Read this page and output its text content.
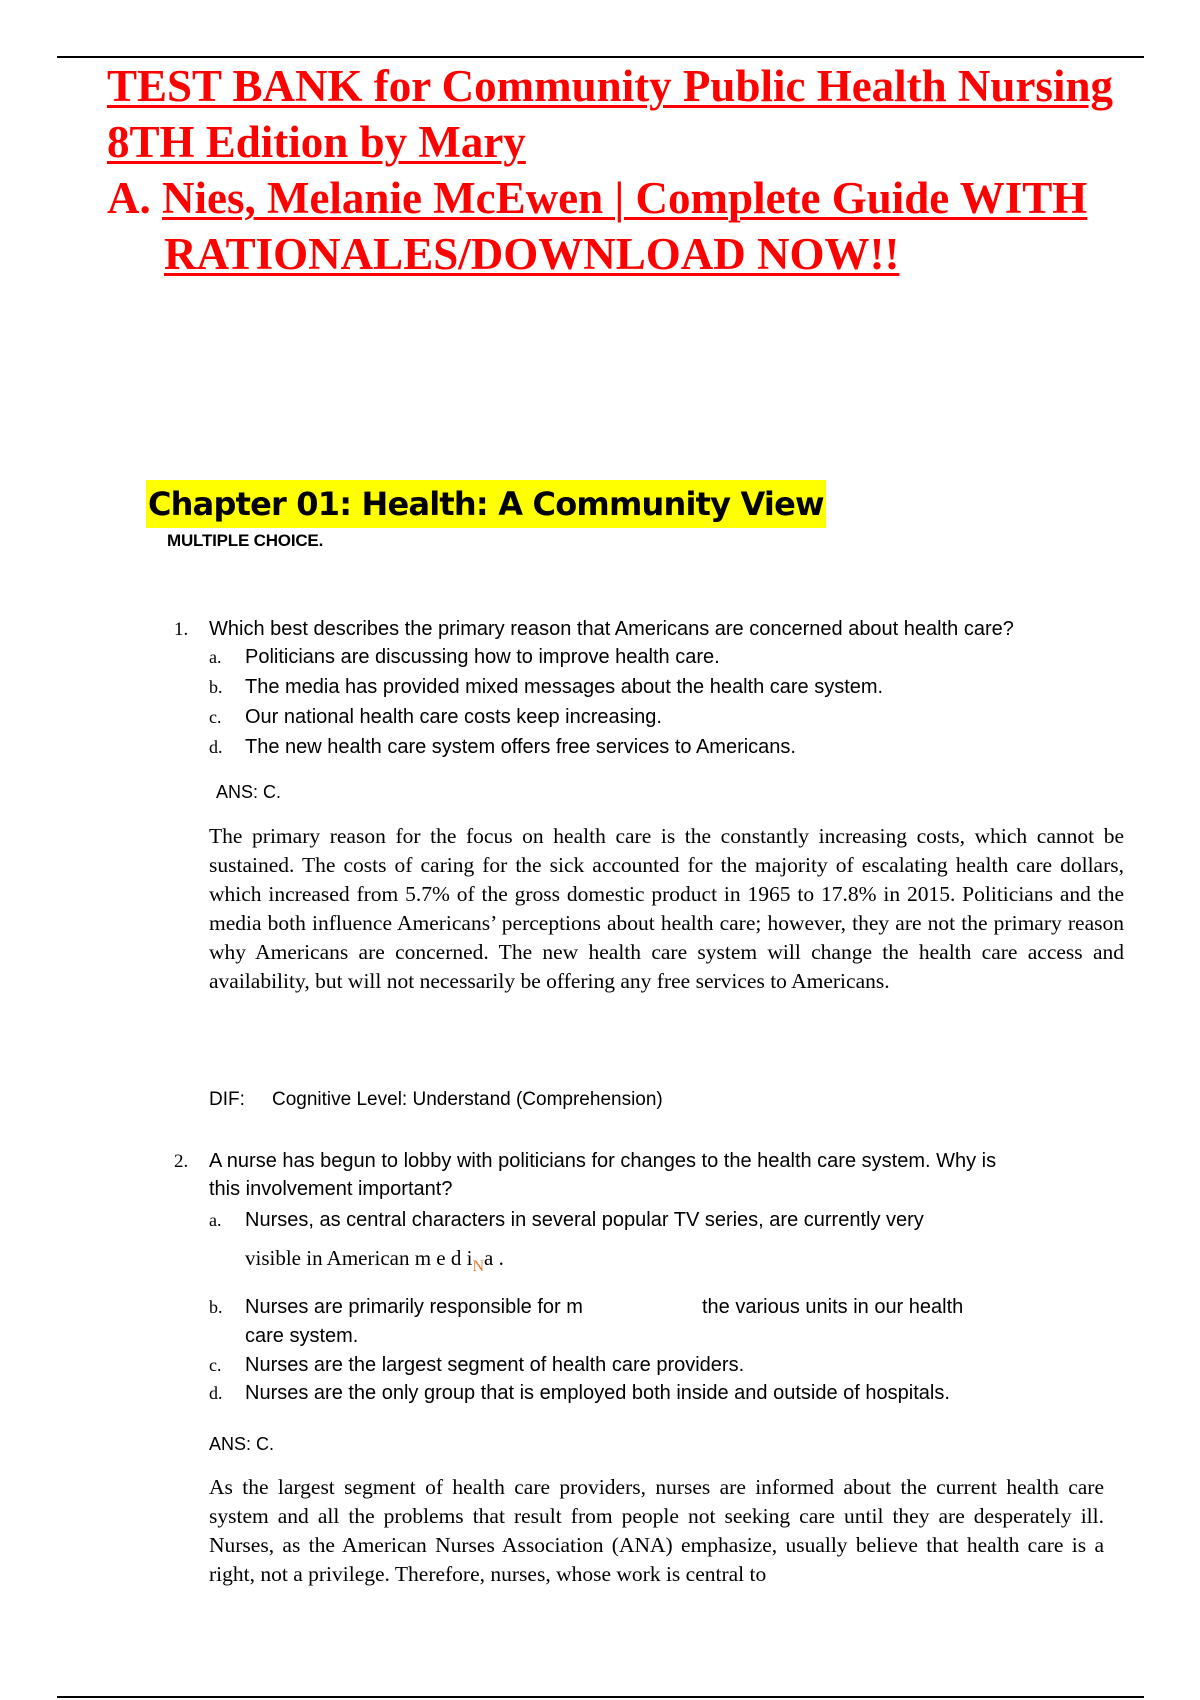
TEST BANK for Community Public Health Nursing
8TH Edition by Mary
A. Nies, Melanie McEwen | Complete Guide WITH
RATIONALES/DOWNLOAD NOW!!
Chapter 01: Health: A Community View
MULTIPLE CHOICE.
1. Which best describes the primary reason that Americans are concerned about health care?
a. Politicians are discussing how to improve health care.
b. The media has provided mixed messages about the health care system.
c. Our national health care costs keep increasing.
d. The new health care system offers free services to Americans.
ANS: C.
The primary reason for the focus on health care is the constantly increasing costs, which cannot be sustained. The costs of caring for the sick accounted for the majority of escalating health care dollars, which increased from 5.7% of the gross domestic product in 1965 to 17.8% in 2015. Politicians and the media both influence Americans’ perceptions about health care; however, they are not the primary reason why Americans are concerned. The new health care system will change the health care access and availability, but will not necessarily be offering any free services to Americans.
DIF: Cognitive Level: Understand (Comprehension)
2. A nurse has begun to lobby with politicians for changes to the health care system. Why is
this involvement important?
a. Nurses, as central characters in several popular TV series, are currently very
visible in American m e d iNa .
b. Nurses are primarily responsible for m	the various units in our health
care system.
c. Nurses are the largest segment of health care providers.
d. Nurses are the only group that is employed both inside and outside of hospitals.
ANS: C.
As the largest segment of health care providers, nurses are informed about the current health care system and all the problems that result from people not seeking care until they are desperately ill. Nurses, as the American Nurses Association (ANA) emphasize, usually believe that health care is a right, not a privilege. Therefore, nurses, whose work is central to
